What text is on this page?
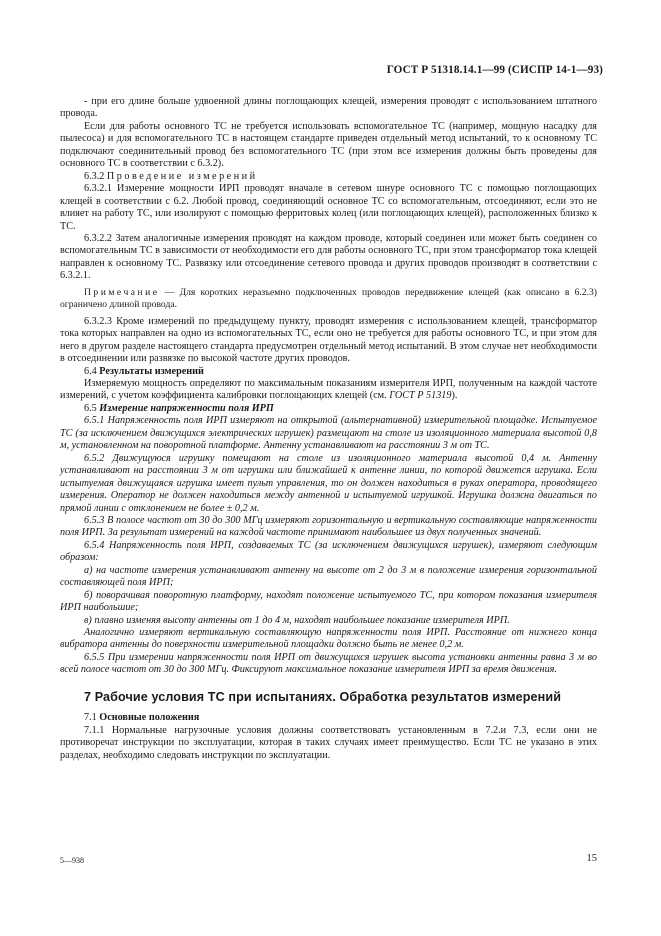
ГОСТ Р 51318.14.1—99 (СИСПР 14-1—93)

- при его длине больше удвоенной длины поглощающих клещей, измерения проводят с использованием штатного провода.

Если для работы основного ТС не требуется использовать вспомогательное ТС (например, мощную насадку для пылесоса) и для вспомогательного ТС в настоящем стандарте приведен отдельный метод испытаний, то к основному ТС подключают соединительный провод без вспомогательного ТС (при этом все измерения должны быть проведены для основного ТС в соответствии с 6.3.2).

6.3.2 Проведение измерений

6.3.2.1 Измерение мощности ИРП проводят вначале в сетевом шнуре основного ТС с помощью поглощающих клещей в соответствии с 6.2. Любой провод, соединяющий основное ТС со вспомогательным, отсоединяют, если это не влияет на работу ТС, или изолируют с помощью ферритовых колец (или поглощающих клещей), расположенных близко к ТС.

6.3.2.2 Затем аналогичные измерения проводят на каждом проводе, который соединен или может быть соединен со вспомогательным ТС в зависимости от необходимости его для работы основного ТС, при этом трансформатор тока клещей направлен к основному ТС. Развязку или отсоединение сетевого провода и других проводов производят в соответствии с 6.3.2.1.

Примечание — Для коротких неразъемно подключенных проводов передвижение клещей (как описано в 6.2.3) ограничено длиной провода.

6.3.2.3 Кроме измерений по предыдущему пункту, проводят измерения с использованием клещей, трансформатор тока которых направлен на одно из вспомогательных ТС, если оно не требуется для работы основного ТС, и при этом для него в другом разделе настоящего стандарта предусмотрен отдельный метод испытаний. В этом случае нет необходимости в отсоединении или развязке по высокой частоте других проводов.

6.4 Результаты измерений

Измеряемую мощность определяют по максимальным показаниям измерителя ИРП, полученным на каждой частоте измерений, с учетом коэффициента калибровки поглощающих клещей (см. ГОСТ Р 51319).

6.5 Измерение напряженности поля ИРП

6.5.1 Напряженность поля ИРП измеряют на открытой (альтернативной) измерительной площадке. Испытуемое ТС (за исключением движущихся электрических игрушек) размещают на столе из изоляционного материала высотой 0,8 м, установленном на поворотной платформе. Антенну устанавливают на расстоянии 3 м от ТС.

6.5.2 Движущуюся игрушку помещают на столе из изоляционного материала высотой 0,4 м. Антенну устанавливают на расстоянии 3 м от игрушки или ближайшей к антенне линии, по которой движется игрушка. Если испытуемая движущаяся игрушка имеет пульт управления, то он должен находиться в руках оператора, проводящего измерения. Оператор не должен находиться между антенной и испытуемой игрушкой. Игрушка должна двигаться по прямой линии с отклонением не более ± 0,2 м.

6.5.3 В полосе частот от 30 до 300 МГц измеряют горизонтальную и вертикальную составляющие напряженности поля ИРП. За результат измерений на каждой частоте принимают наибольшее из двух полученных значений.

6.5.4 Напряженность поля ИРП, создаваемых ТС (за исключением движущихся игрушек), измеряют следующим образом:

а) на частоте измерения устанавливают антенну на высоте от 2 до 3 м в положение измерения горизонтальной составляющей поля ИРП;

б) поворачивая поворотную платформу, находят положение испытуемого ТС, при котором показания измерителя ИРП наибольшие;

в) плавно изменяя высоту антенны от 1 до 4 м, находят наибольшее показание измерителя ИРП.

Аналогично измеряют вертикальную составляющую напряженности поля ИРП. Расстояние от нижнего конца вибратора антенны до поверхности измерительной площадки должно быть не менее 0,2 м.

6.5.5 При измерении напряженности поля ИРП от движущихся игрушек высота установки антенны равна 3 м во всей полосе частот от 30 до 300 МГц. Фиксируют максимальное показание измерителя ИРП за время движения.

7 Рабочие условия ТС при испытаниях. Обработка результатов измерений

7.1 Основные положения

7.1.1 Нормальные нагрузочные условия должны соответствовать установленным в 7.2.и 7.3, если они не противоречат инструкции по эксплуатации, которая в таких случаях имеет преимущество. Если ТС не указано в этих разделах, необходимо следовать инструкции по эксплуатации.

5—938	15
